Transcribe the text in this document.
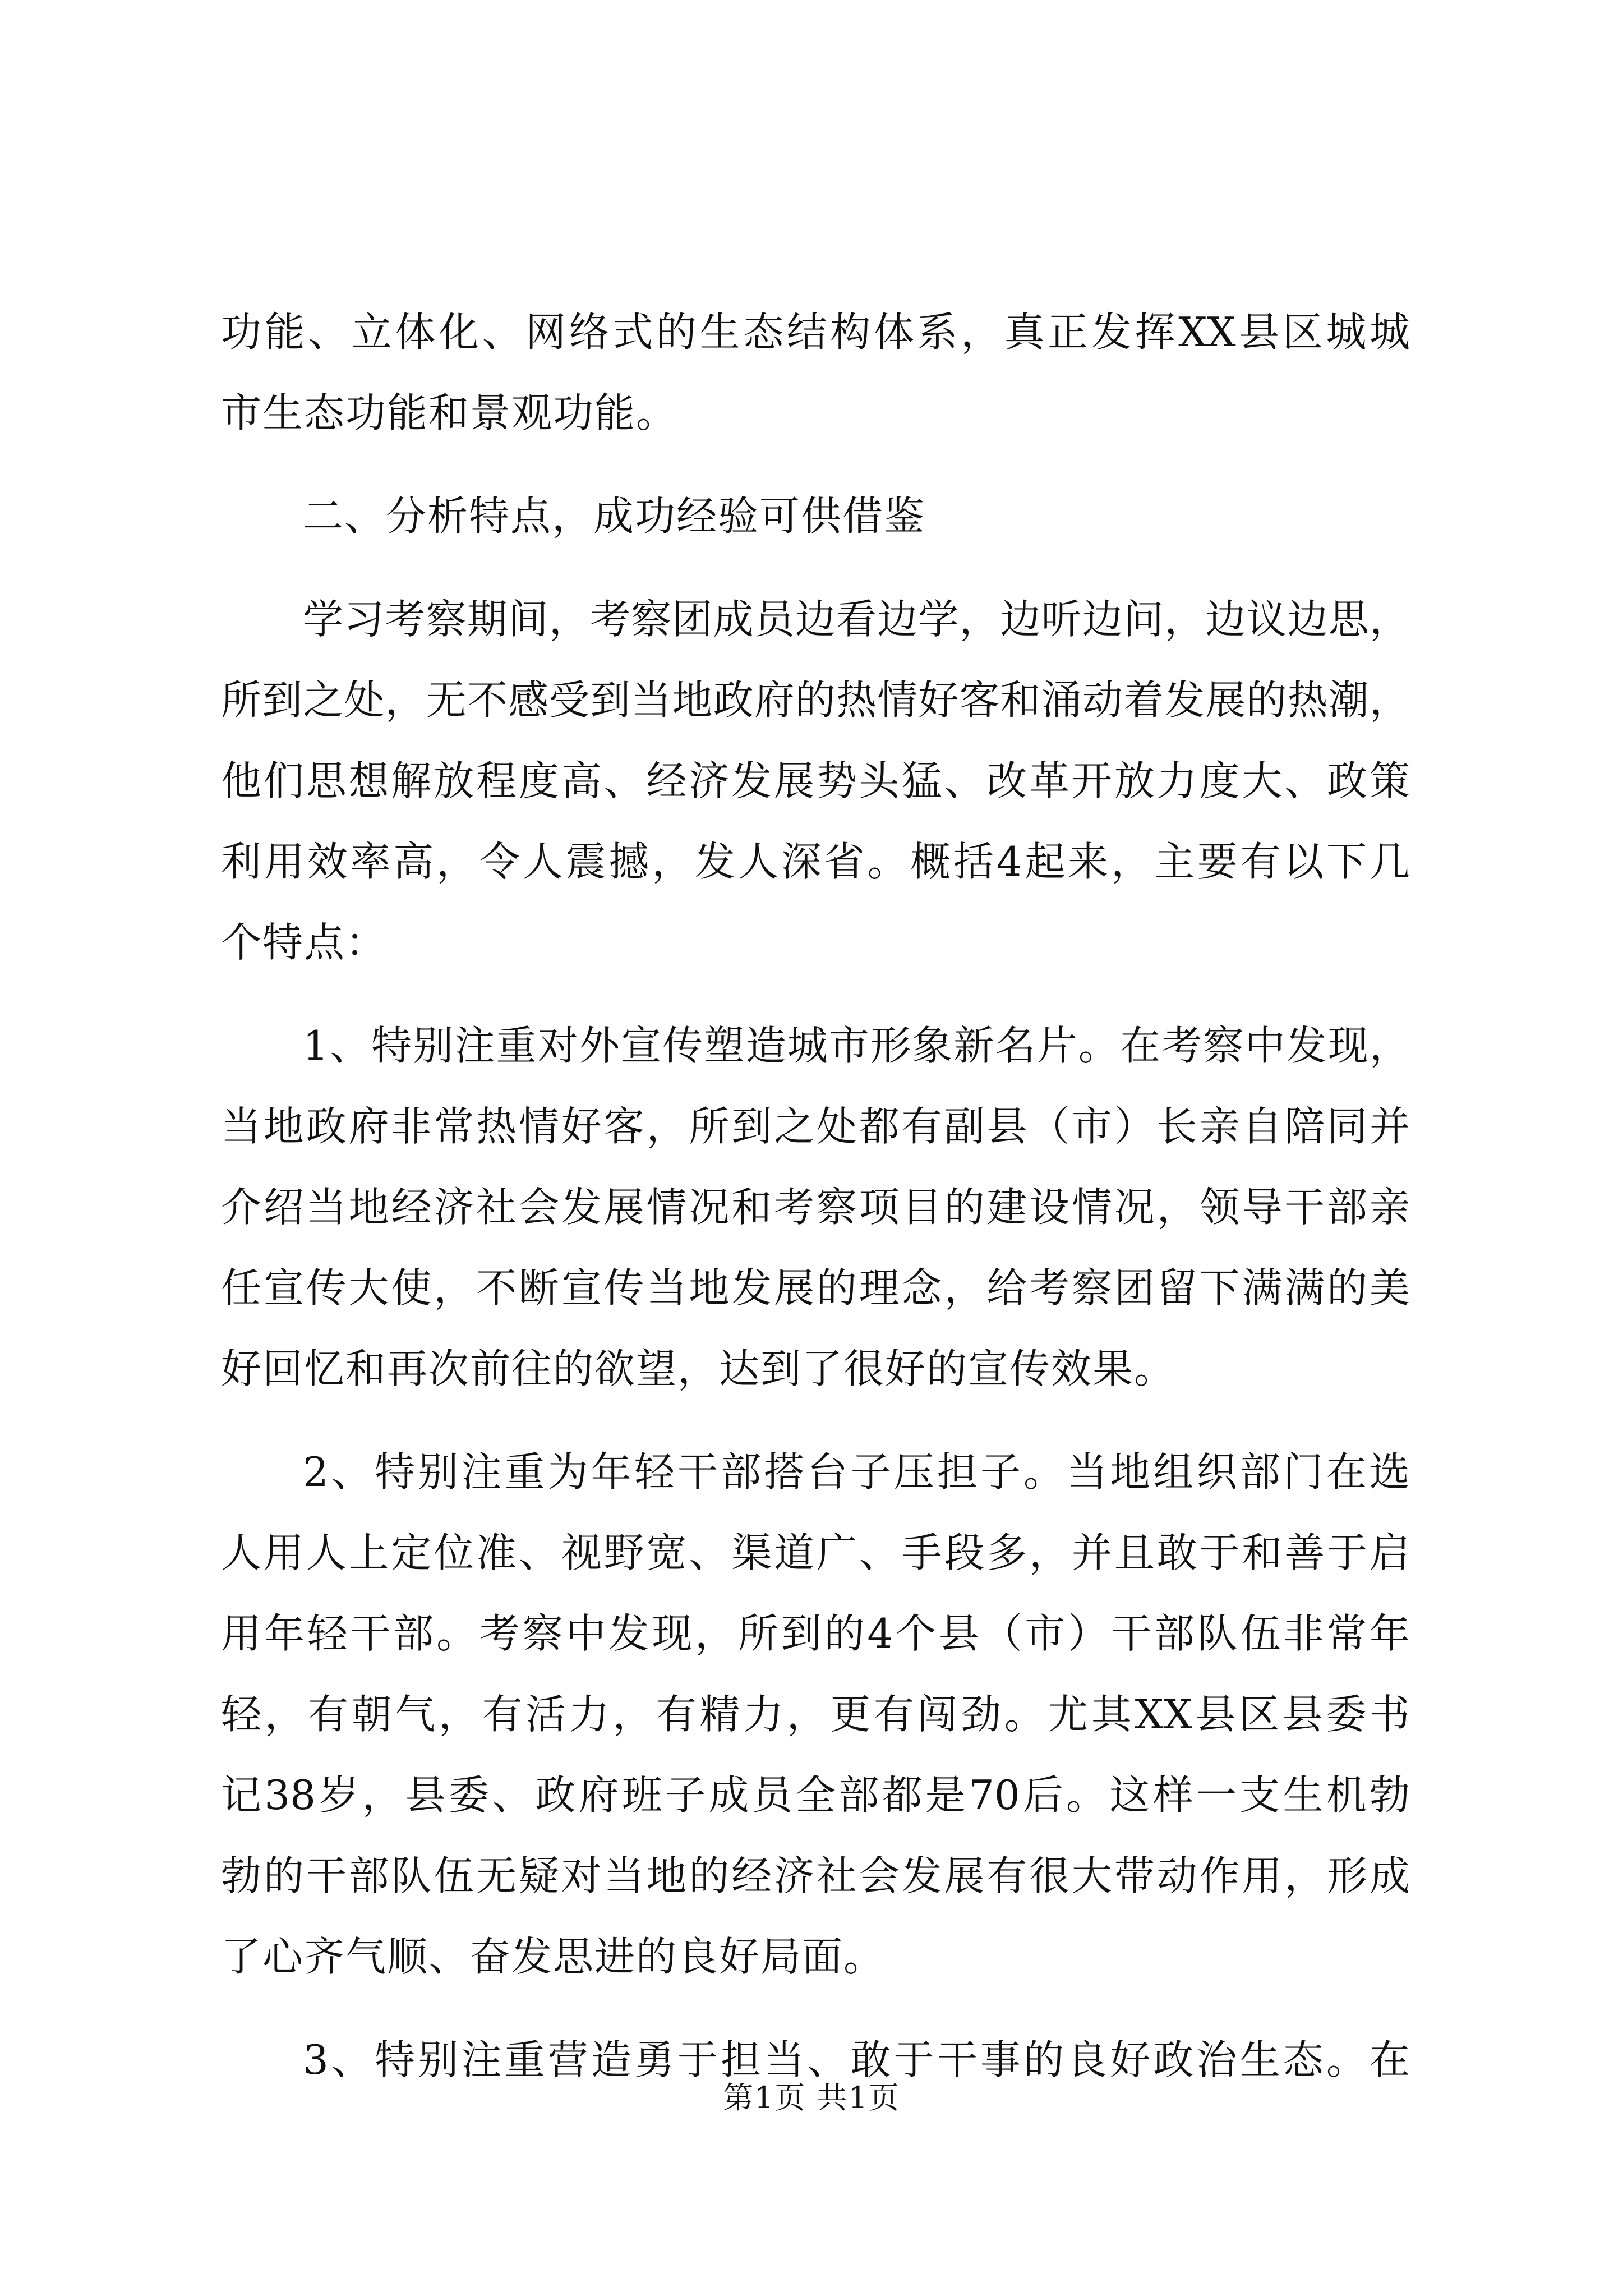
功能、立体化、网络式的生态结构体系，真正发挥XX县区城城
市生态功能和景观功能。
二、分析特点，成功经验可供借鉴
学习考察期间，考察团成员边看边学，边听边问，边议边思，
所到之处，无不感受到当地政府的热情好客和涌动着发展的热潮，
他们思想解放程度高、经济发展势头猛、改革开放力度大、政策
利用效率高，令人震撼，发人深省。概括4起来，主要有以下几
个特点：
1、特别注重对外宣传塑造城市形象新名片。在考察中发现，
当地政府非常热情好客，所到之处都有副县（市）长亲自陪同并
介绍当地经济社会发展情况和考察项目的建设情况，领导干部亲
任宣传大使，不断宣传当地发展的理念，给考察团留下满满的美
好回忆和再次前往的欲望，达到了很好的宣传效果。
2、特别注重为年轻干部搭台子压担子。当地组织部门在选
人用人上定位准、视野宽、渠道广、手段多，并且敢于和善于启
用年轻干部。考察中发现，所到的4个县（市）干部队伍非常年
轻，有朝气，有活力，有精力，更有闯劲。尤其XX县区县委书
记38岁，县委、政府班子成员全部都是70后。这样一支生机勃
勃的干部队伍无疑对当地的经济社会发展有很大带动作用，形成
了心齐气顺、奋发思进的良好局面。
3、特别注重营造勇于担当、敢于干事的良好政治生态。在
第1页 共1页
